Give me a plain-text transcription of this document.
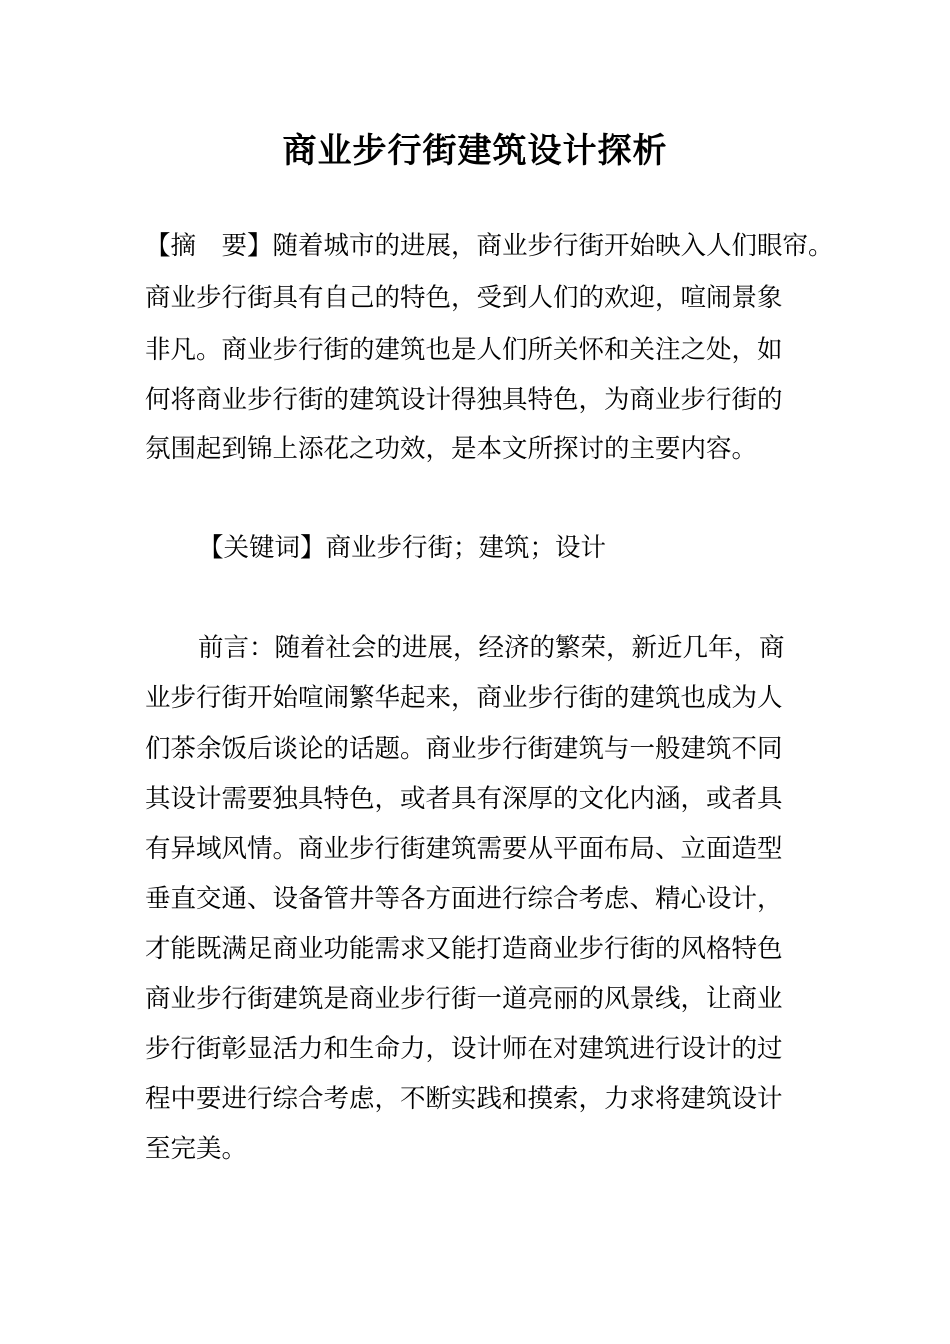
商业步行街建筑设计探析
【摘　要】随着城市的进展，商业步行街开始映入人们眼帘。
商业步行街具有自己的特色，受到人们的欢迎，喧闹景象
非凡。商业步行街的建筑也是人们所关怀和关注之处，如
何将商业步行街的建筑设计得独具特色，为商业步行街的
氛围起到锦上添花之功效，是本文所探讨的主要内容。
【关键词】商业步行街；建筑；设计
前言：随着社会的进展，经济的繁荣，新近几年，商
业步行街开始喧闹繁华起来，商业步行街的建筑也成为人
们茶余饭后谈论的话题。商业步行街建筑与一般建筑不同
其设计需要独具特色，或者具有深厚的文化内涵，或者具
有异域风情。商业步行街建筑需要从平面布局、立面造型
垂直交通、设备管井等各方面进行综合考虑、精心设计，
才能既满足商业功能需求又能打造商业步行街的风格特色
商业步行街建筑是商业步行街一道亮丽的风景线，让商业
步行街彰显活力和生命力，设计师在对建筑进行设计的过
程中要进行综合考虑，不断实践和摸索，力求将建筑设计
至完美。
